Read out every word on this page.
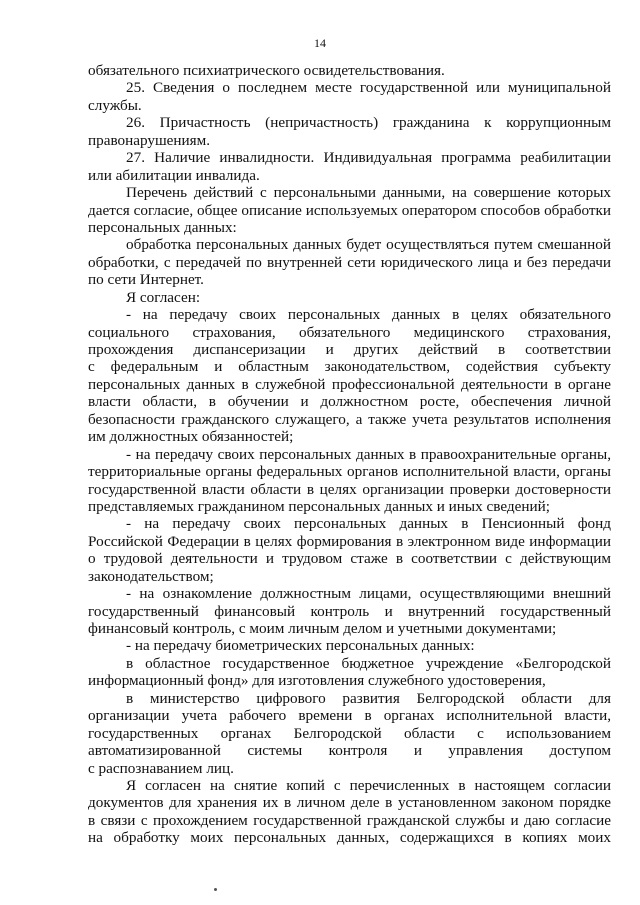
14
обязательного психиатрического освидетельствования.
25. Сведения о последнем месте государственной или муниципальной
службы.
26. Причастность (непричастность) гражданина к коррупционным
правонарушениям.
27. Наличие инвалидности. Индивидуальная программа реабилитации
или абилитации инвалида.
Перечень действий с персональными данными, на совершение которых
дается согласие, общее описание используемых оператором способов обработки
персональных данных:
обработка персональных данных будет осуществляться путем смешанной
обработки, с передачей по внутренней сети юридического лица и без передачи
по сети Интернет.
Я согласен:
- на передачу своих персональных данных в целях обязательного
социального страхования, обязательного медицинского страхования,
прохождения диспансеризации и других действий в соответствии
с федеральным и областным законодательством, содействия субъекту
персональных данных в служебной профессиональной деятельности в органе
власти области, в обучении и должностном росте, обеспечения личной
безопасности гражданского служащего, а также учета результатов исполнения
им должностных обязанностей;
- на передачу своих персональных данных в правоохранительные органы,
территориальные органы федеральных органов исполнительной власти, органы
государственной власти области в целях организации проверки достоверности
представляемых гражданином персональных данных и иных сведений;
- на передачу своих персональных данных в Пенсионный фонд
Российской Федерации в целях формирования в электронном виде информации
о трудовой деятельности и трудовом стаже в соответствии с действующим
законодательством;
- на ознакомление должностным лицами, осуществляющими внешний
государственный финансовый контроль и внутренний государственный
финансовый контроль, с моим личным делом и учетными документами;
- на передачу биометрических персональных данных:
в областное государственное бюджетное учреждение «Белгородской
информационный фонд» для изготовления служебного удостоверения,
в министерство цифрового развития Белгородской области для
организации учета рабочего времени в органах исполнительной власти,
государственных органах Белгородской области с использованием
автоматизированной системы контроля и управления доступом
с распознаванием лиц.
Я согласен на снятие копий с перечисленных в настоящем согласии
документов для хранения их в личном деле в установленном законом порядке
в связи с прохождением государственной гражданской службы и даю согласие
на обработку моих персональных данных, содержащихся в копиях моих
